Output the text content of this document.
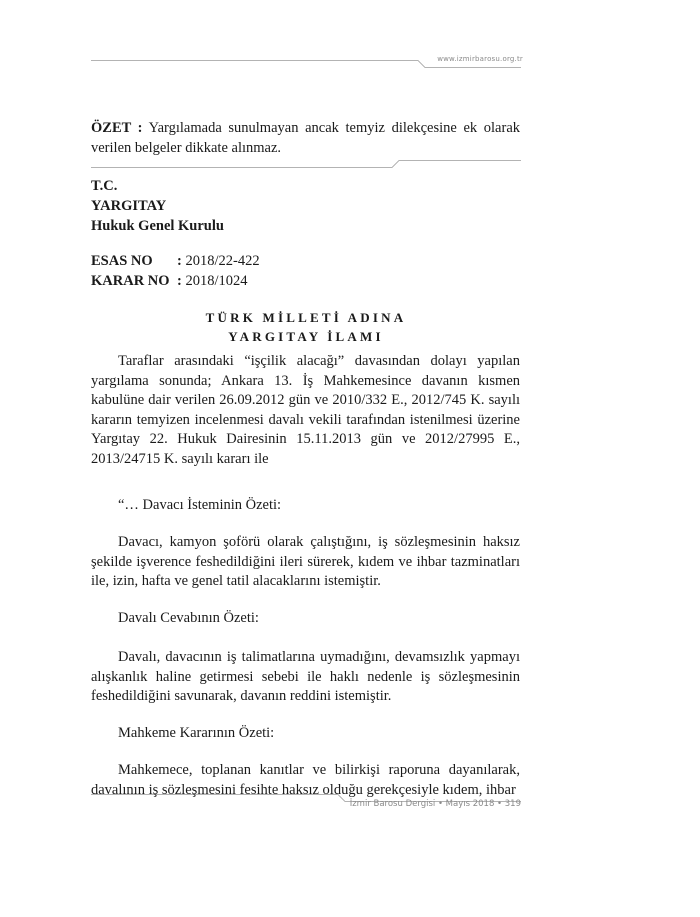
www.izmirbarosu.org.tr
ÖZET : Yargılamada sunulmayan ancak temyiz dilekçesine ek olarak verilen belgeler dikkate alınmaz.
T.C.
YARGITAY
Hukuk Genel Kurulu
ESAS NO : 2018/22-422
KARAR NO : 2018/1024
TÜRK MİLLETİ ADINA
YARGITAY İLAMI
Taraflar arasındaki “işçilik alacağı” davasından dolayı yapılan yargılama sonunda; Ankara 13. İş Mahkemesince davanın kısmen kabulüne dair verilen 26.09.2012 gün ve 2010/332 E., 2012/745 K. sayılı kararın temyizen incelenmesi davalı vekili tarafından istenilmesi üzerine Yargıtay 22. Hukuk Dairesinin 15.11.2013 gün ve 2012/27995 E., 2013/24715 K. sayılı kararı ile
“… Davacı İsteminin Özeti:
Davacı, kamyon şoförü olarak çalıştığını, iş sözleşmesinin haksız şekilde işverence feshedildiğini ileri sürerek, kıdem ve ihbar tazminatları ile, izin, hafta ve genel tatil alacaklarını istemiştir.
Davalı Cevabının Özeti:
Davalı, davacının iş talimatlarına uymadığını, devamsızlık yapmayı alışkanlık haline getirmesi sebebi ile haklı nedenle iş sözleşmesinin feshedildiğini savunarak, davanın reddini istemiştir.
Mahkeme Kararının Özeti:
Mahkemece, toplanan kanıtlar ve bilirkişi raporuna dayanılarak, davalının iş sözleşmesini fesihte haksız olduğu gerekçesiyle kıdem, ihbar
İzmir Barosu Dergisi • Mayıs 2018 • 319
